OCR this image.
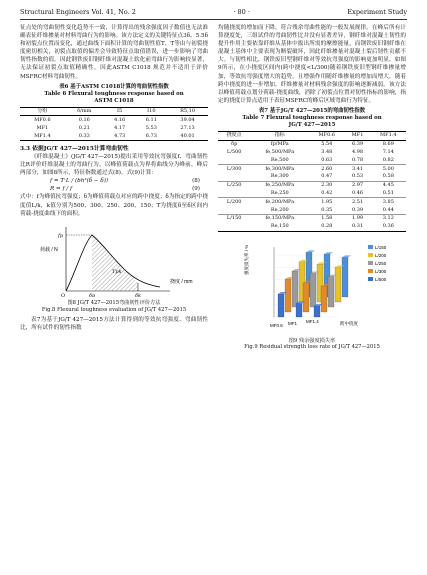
Structural Engineers Vol. 41, No. 2	· 80 ·	Experiment Study

征点处的弯曲韧性变化趋势不一致，计算得出的残余强度因子数值也无法准确表征纤维掺量对材料弯曲行为的影响。该方法定义的关键特征点3δ、5.5δ和初裂点位置而变化，通过曲线下面积计算的弯曲韧性值T、T等由与初裂挠度密切相关，初裂点取值的偏差会导致特征点取值错误，进一步影响了弯曲韧性指数的值。因此钢铁废旧钢纤维对混凝土软化前弯曲行为影响较显著，无法保证初裂点取值精确性，因此ASTM C1018 规范并不适用于评价MSFRC材料弯曲韧性。

表6 基于ASTM C1018计算的弯曲韧性指数
Table 6 Flexural toughness response based on
ASTM C1018
分组	δ/mm	I5	I10	R5,10
MF0.6	0.16	4.16	6.11	39.04
MF1	0.21	4.17	5.53	27.13
MF1.4	0.33	4.73	6.73	40.01
3.3 依据JG/T 427—2015计算弯曲韧性

《纤维混凝土》(JG/T 427—2015)提出采用等效抗弯强度f、弯曲韧性比R评价纤维混凝土的弯曲行为，以峰值荷载点为界将曲线分为峰前、峰后两部分，如图8所示，特征指数通过式(8)、式(9)计算：

f = T·L / (bh²(δ − δ))	(8)
R = f / f	(9)

式中：f为峰值抗弯强度；δ为峰值荷载点对应的跨中挠度；δ为指定的跨中挠度值L/k，k值分别为500、300、250、200、150；T为挠度δ至δ区间内荷载-挠度曲线下的面积。

荷载 / N
挠度 / mm
fp
Tpk
δp	δk
O
图8 JG/T 427—2015弯曲韧性评价方法
Fig.8 Flexural toughness evaluation of JG/T 427—2015

表7为基于JG/T 427—2015方法计算得到的等效抗弯强度、弯曲韧性比，所有试件的韧性指数

均随挠度的增加而下降，符合残余弯曲性能的一般发展规律。在峰后所有计算挠度处，三组试件的弯曲韧性比并没有显著差异，钢纤维对混凝土韧性的提升作用主要依靠纤维从基体中拔出所需的摩擦能量，而钢铁废旧钢纤维在混凝土基体中主要表现为断裂破坏，因此纤维掺量对混凝土裂后韧性贡献不大。与韧性相比，钢铁废旧型钢纤维对等效抗弯强度的影响更加明显，如图9所示，在小挠度区间内(跨中挠度<L/300)随着钢铁废旧型钢纤维掺量增加，等效抗弯强度增大的趋势，且增强作用随纤维掺量的增加而增大，随着跨中挠度的进一步增加，纤维掺量对材料残余强度的影响逐渐减弱。该方法以峰值荷载点划分荷载-挠度曲线，消除了初裂点位置对韧性指标的影响，指定的挠度计算点适用于表征MSFRC的峰后区域弯曲行为特征。

表7 基于JG/T 427—2015的弯曲韧性指数
Table 7 Flexural toughness response based on
JG/T 427—2015
挠度点	指标	MF0.6	MF1	MF1.4
δp	fp/MPa	5.54	6.39	8.69
L/500	fe,500/MPa	3.48	4.98	7.14
	Re,500	0.63	0.78	0.82
L/300	fe,300/MPa	2.60	3.41	5.00
	Re,300	0.47	0.53	0.58
L/250	fe,250/MPa	2.30	2.97	4.45
	Re,250	0.42	0.46	0.51
L/200	fe,200/MPa	1.95	2.51	3.85
	Re,200	0.35	0.39	0.44
L/150	fe,150/MPa	1.58	1.99	3.12
	Re,150	0.28	0.31	0.36
强度损失率 / %
MF0.6 MF1 MF1.4	跨中挠度
L/150
L/200
L/250
L/300
L/500
图9 残余强度损失率
Fig.9 Residual strength loss rate of JG/T 427—2015
